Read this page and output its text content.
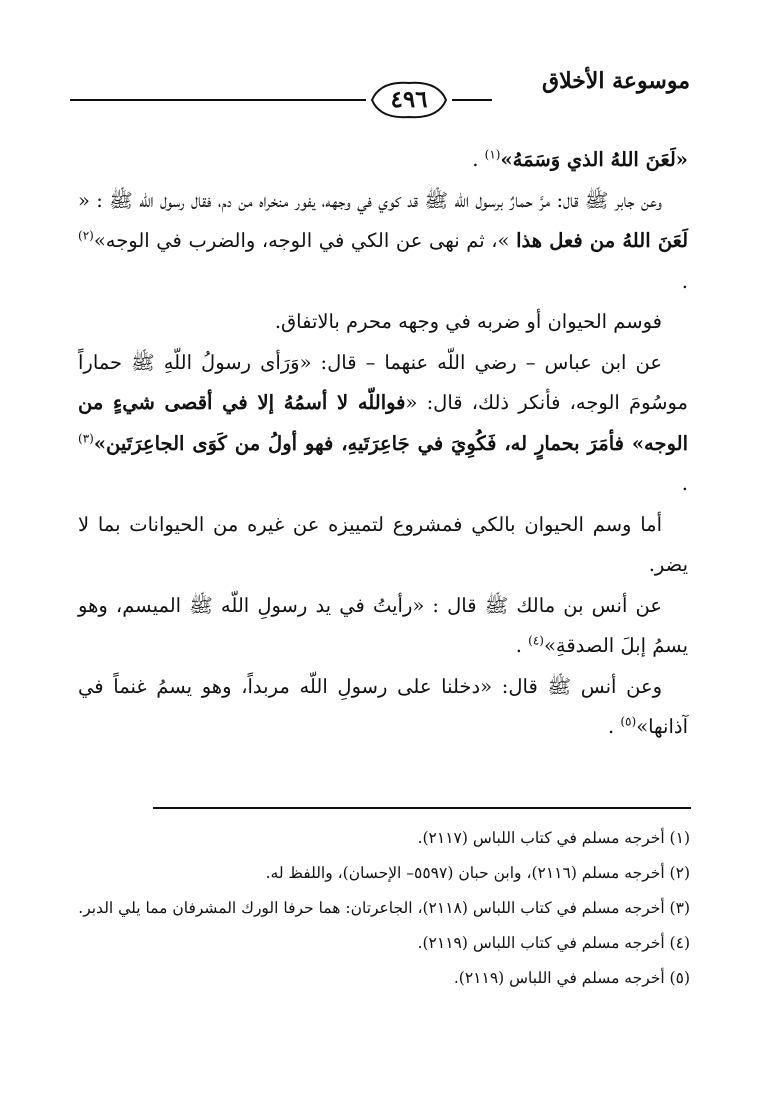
موسوعة الأخلاق
٤٩٦

«لَعَنَ اللهُ الذي وَسَمَهُ»$^{(١)}$ .

وعن جابر ﷺ قال: مرَّ حمارٌ برسول اللّه ﷺ قد كوي في وجهه، يفور منخراه من دم، فقال رسول اللّه ﷺ : « لَعَنَ اللهُ من فعل هذا »، ثم نهى عن الكي في الوجه، والضرب في الوجه»$^{(٢)}$ .

فوسم الحيوان أو ضربه في وجهه محرم بالاتفاق.

عن ابن عباس – رضي اللّه عنهما – قال: «وَرَأى رسولُ اللّهِ ﷺ حماراً موسُومَ الوجه، فأنكر ذلك، قال: «فواللّه لا أسمُهُ إلا في أقصى شيءٍ من الوجه» فأمَرَ بحمارٍ له، فَكُوِيَ في جَاعِرَتَيهِ، فهو أولُ من كَوَى الجاعِرَتَين»$^{(٣)}$ .

أما وسم الحيوان بالكي فمشروع لتمييزه عن غيره من الحيوانات بما لا يضر.

عن أنس بن مالك ﷺ قال : «رأيتُ في يد رسولِ اللّه ﷺ الميسم، وهو يسمُ إبلَ الصدقةِ»$^{(٤)}$ .

وعن أنس ﷺ قال: «دخلنا على رسولِ اللّه مربداً، وهو يسمُ غنماً في آذانها»$^{(٥)}$ .

(١) أخرجه مسلم في كتاب اللباس (٢١١٧).

(٢) أخرجه مسلم (٢١١٦)، وابن حبان (٥٥٩٧– الإحسان)، واللفظ له.

(٣) أخرجه مسلم في كتاب اللباس (٢١١٨)، الجاعرتان: هما حرفا الورك المشرفان مما يلي الدبر.

(٤) أخرجه مسلم في كتاب اللباس (٢١١٩).

(٥) أخرجه مسلم في اللباس (٢١١٩).
